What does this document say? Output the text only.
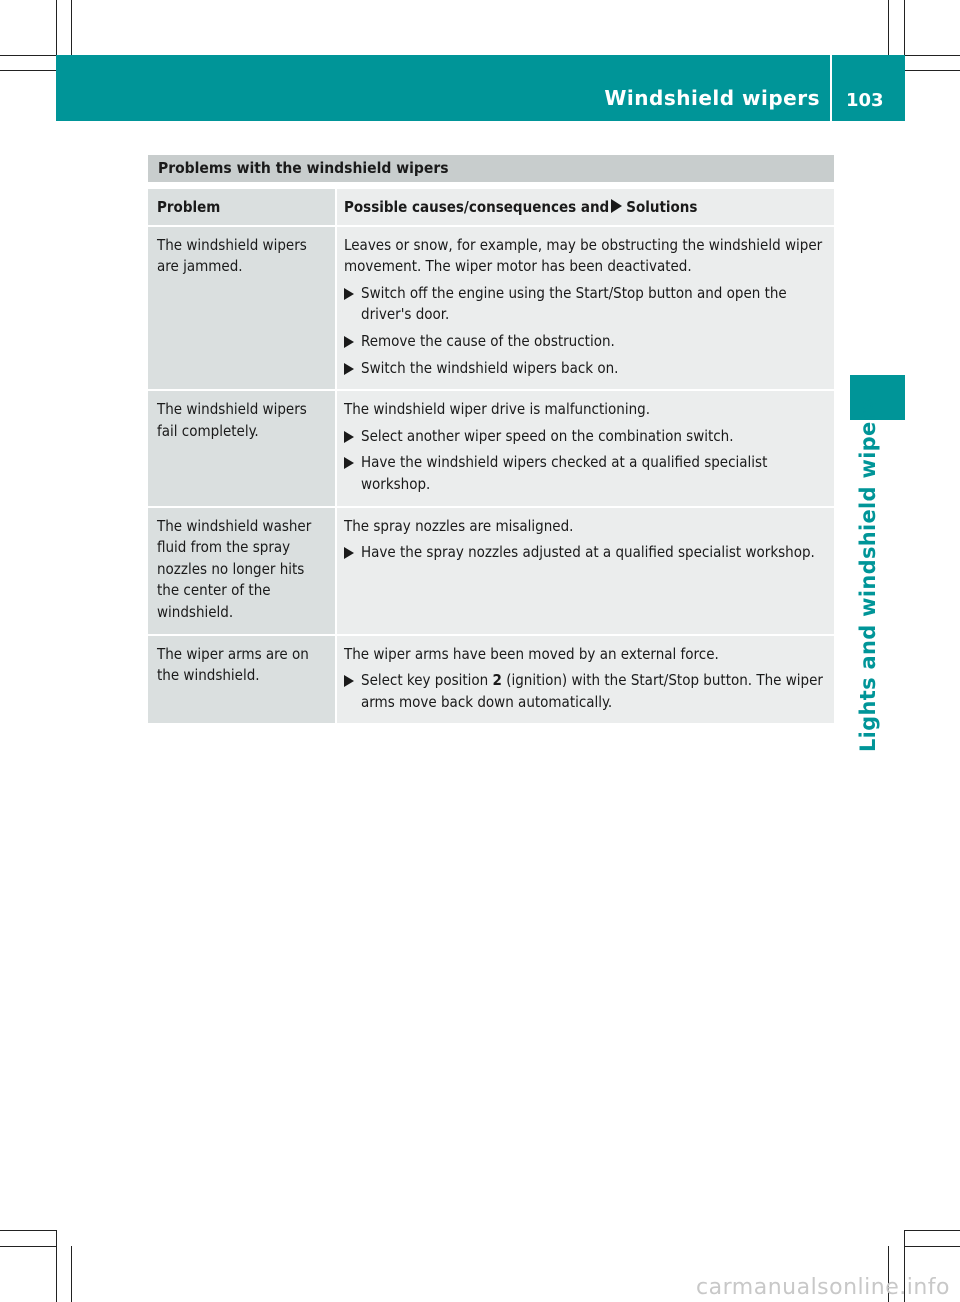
Windshield wipers 103
Lights and windshield wipers
Problems with the windshield wipers
Problem	Possible causes/consequences and Solutions
The windshield wipers are jammed.

Leaves or snow, for example, may be obstructing the windshield wiper movement. The wiper motor has been deactivated.

Switch off the engine using the Start/Stop button and open the driver's door.
Remove the cause of the obstruction.
Switch the windshield wipers back on.
The windshield wipers fail completely.

The windshield wiper drive is malfunctioning.

Select another wiper speed on the combination switch.
Have the windshield wipers checked at a qualified specialist workshop.
The windshield washer fluid from the spray nozzles no longer hits the center of the windshield.

The spray nozzles are misaligned.

Have the spray nozzles adjusted at a qualified specialist workshop.
The wiper arms are on the windshield.

The wiper arms have been moved by an external force.

Select key position 2 (ignition) with the Start/Stop button. The wiper arms move back down automatically.
carmanualsonline.info
